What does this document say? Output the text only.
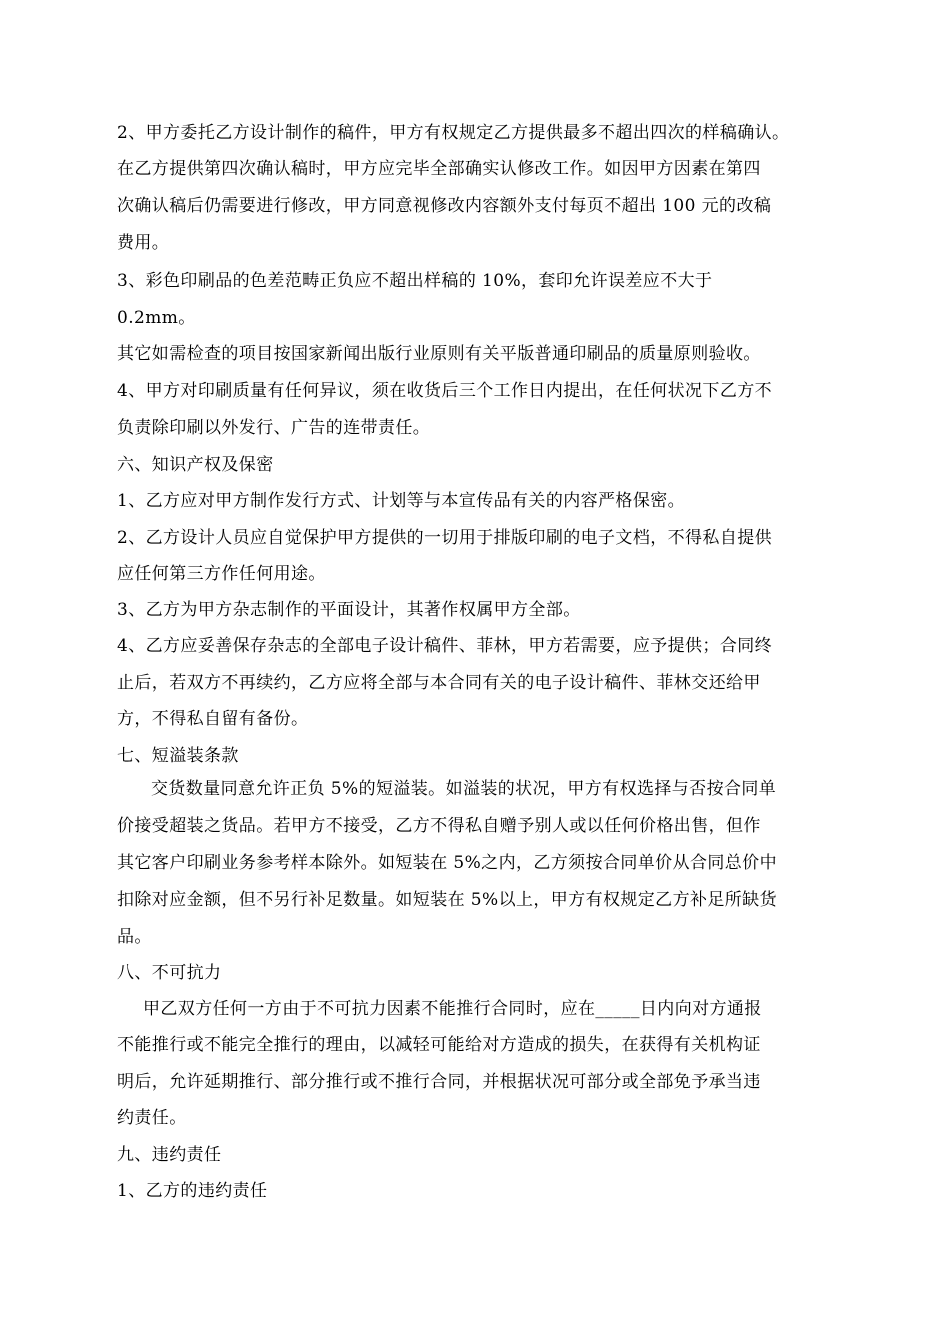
2、甲方委托乙方设计制作的稿件，甲方有权规定乙方提供最多不超出四次的样稿确认。

在乙方提供第四次确认稿时，甲方应完毕全部确实认修改工作。如因甲方因素在第四

次确认稿后仍需要进行修改，甲方同意视修改内容额外支付每页不超出 100 元的改稿

费用。

3、彩色印刷品的色差范畴正负应不超出样稿的 10%，套印允许误差应不大于

0.2mm。

其它如需检查的项目按国家新闻出版行业原则有关平版普通印刷品的质量原则验收。

4、甲方对印刷质量有任何异议，须在收货后三个工作日内提出，在任何状况下乙方不

负责除印刷以外发行、广告的连带责任。

六、知识产权及保密

1、乙方应对甲方制作发行方式、计划等与本宣传品有关的内容严格保密。

2、乙方设计人员应自觉保护甲方提供的一切用于排版印刷的电子文档，不得私自提供

应任何第三方作任何用途。

3、乙方为甲方杂志制作的平面设计，其著作权属甲方全部。

4、乙方应妥善保存杂志的全部电子设计稿件、菲林，甲方若需要，应予提供；合同终

止后，若双方不再续约，乙方应将全部与本合同有关的电子设计稿件、菲林交还给甲

方，不得私自留有备份。

七、短溢装条款

交货数量同意允许正负 5%的短溢装。如溢装的状况，甲方有权选择与否按合同单

价接受超装之货品。若甲方不接受，乙方不得私自赠予别人或以任何价格出售，但作

其它客户印刷业务参考样本除外。如短装在 5%之内，乙方须按合同单价从合同总价中

扣除对应金额，但不另行补足数量。如短装在 5%以上，甲方有权规定乙方补足所缺货

品。

八、不可抗力

甲乙双方任何一方由于不可抗力因素不能推行合同时，应在_____日内向对方通报

不能推行或不能完全推行的理由，以减轻可能给对方造成的损失，在获得有关机构证

明后，允许延期推行、部分推行或不推行合同，并根据状况可部分或全部免予承当违

约责任。

九、违约责任

1、乙方的违约责任
